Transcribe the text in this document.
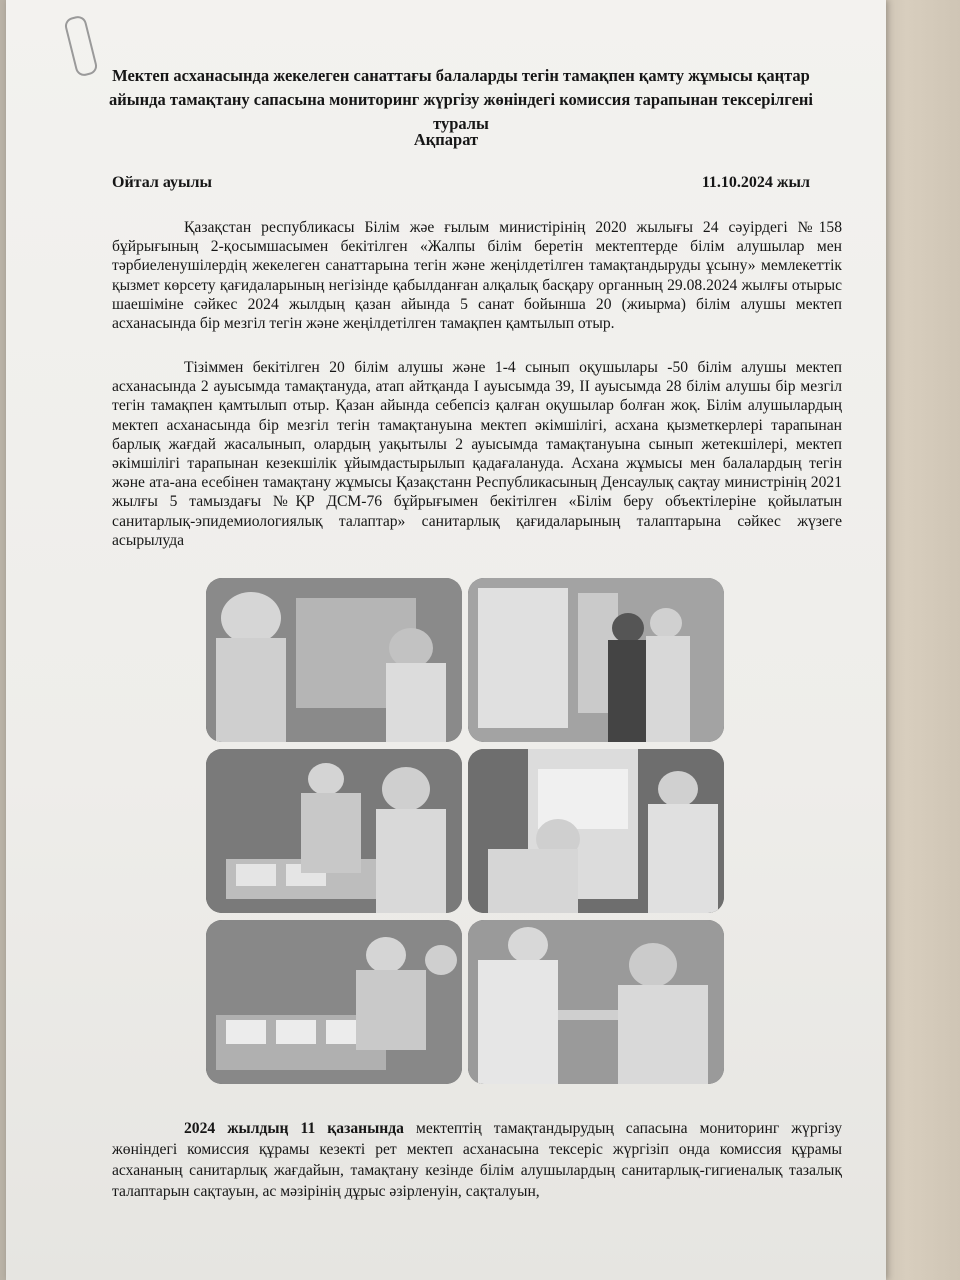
Мектеп асханасында жекелеген санаттағы балаларды тегін тамақпен қамту жұмысы қаңтар
айында тамақтану сапасына мониторинг жүргізу жөніндегі комиссия тарапынан тексерілгені
туралы
Ақпарат
Ойтал ауылы	11.10.2024 жыл

Қазақстан республикасы Білім жәе ғылым министірінің 2020 жылығы 24 сәуірдегі №158 бұйрығының 2-қосымшасымен бекітілген «Жалпы білім беретін мектептерде білім алушылар мен тәрбиеленушілердің жекелеген санаттарына тегін және жеңілдетілген тамақтандыруды ұсыну» мемлекеттік қызмет көрсету қағидаларының негізінде қабылданған алқалық басқару органның 29.08.2024 жылғы отырыс шаешіміне сәйкес 2024 жылдың қазан айында 5 санат бойынша 20 (жиырма) білім алушы мектеп асханасында бір мезгіл тегін және жеңілдетілген тамақпен қамтылып отыр.

Тізіммен бекітілген 20 білім алушы және 1-4 сынып оқушылары -50 білім алушы мектеп асханасында 2 ауысымда тамақтануда, атап айтқанда I ауысымда 39, II ауысымда 28 білім алушы бір мезгіл тегін тамақпен қамтылып отыр. Қазан айында себепсіз қалған оқушылар болған жоқ. Білім алушылардың мектеп асханасында бір мезгіл тегін тамақтануына мектеп әкімшілігі, асхана қызметкерлері тарапынан барлық жағдай жасалынып, олардың уақытылы 2 ауысымда тамақтануына сынып жетекшілері, мектеп әкімшілігі тарапынан кезекшілік ұйымдастырылып қадағалануда. Асхана жұмысы мен балалардың тегін және ата-ана есебінен тамақтану жұмысы Қазақстанн Республикасының Денсаулық сақтау министрінің 2021 жылғы 5 тамыздағы №ҚР ДСМ-76 бұйрығымен бекітілген «Білім беру объектілеріне қойылатын санитарлық-эпидемиологиялық талаптар» санитарлық қағидаларының талаптарына сәйкес жүзеге асырылуда

2024 жылдың 11 қазанында мектептің тамақтандырудың сапасына мониторинг жүргізу жөніндегі комиссия құрамы кезекті рет мектеп асханасына тексеріс жүргізіп онда комиссия құрамы асхананың санитарлық жағдайын, тамақтану кезінде білім алушылардың санитарлық-гигиеналық тазалық талаптарын сақтауын, ас мәзірінің дұрыс әзірленуін, сақталуын,
